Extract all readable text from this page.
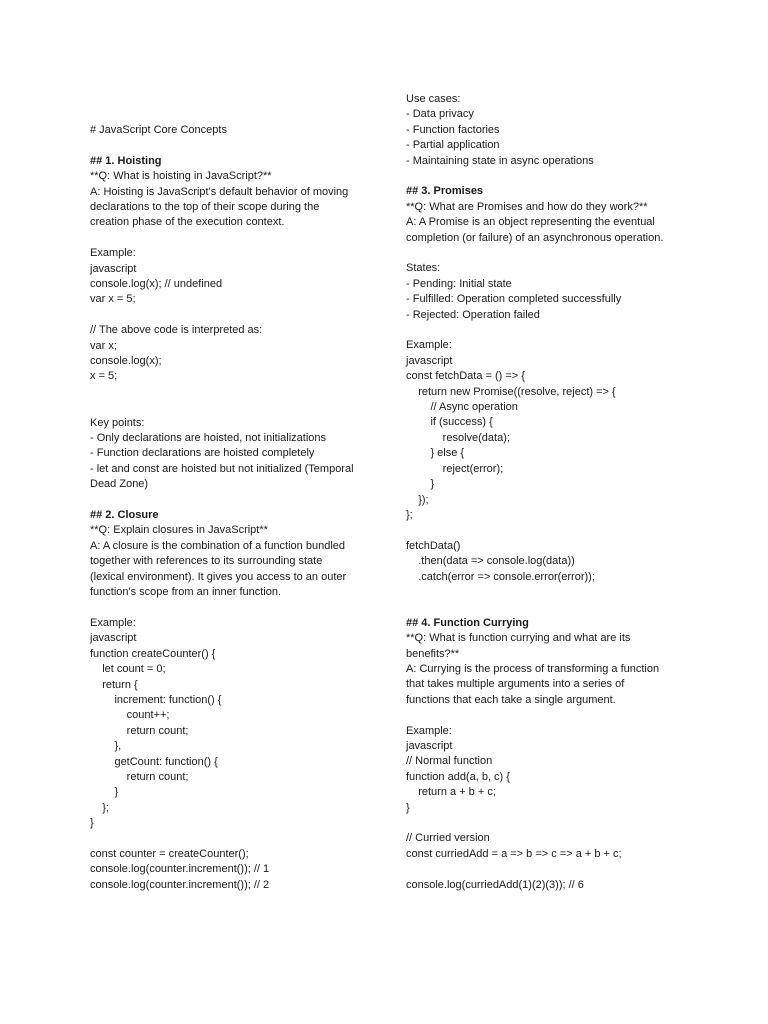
# JavaScript Core Concepts
## 1. Hoisting
**Q: What is hoisting in JavaScript?**
A: Hoisting is JavaScript's default behavior of moving
declarations to the top of their scope during the
creation phase of the execution context.
Example:
javascript
console.log(x); // undefined
var x = 5;
// The above code is interpreted as:
var x;
console.log(x);
x = 5;
Key points:
- Only declarations are hoisted, not initializations
- Function declarations are hoisted completely
- let and const are hoisted but not initialized (Temporal
Dead Zone)
## 2. Closure
**Q: Explain closures in JavaScript**
A: A closure is the combination of a function bundled
together with references to its surrounding state
(lexical environment). It gives you access to an outer
function's scope from an inner function.
Example:
javascript
function createCounter() {
let count = 0;
return {
increment: function() {
count++;
return count;
},
getCount: function() {
return count;
}
};
}
const counter = createCounter();
console.log(counter.increment()); // 1
console.log(counter.increment()); // 2
Use cases:
- Data privacy
- Function factories
- Partial application
- Maintaining state in async operations
## 3. Promises
**Q: What are Promises and how do they work?**
A: A Promise is an object representing the eventual
completion (or failure) of an asynchronous operation.
States:
- Pending: Initial state
- Fulfilled: Operation completed successfully
- Rejected: Operation failed
Example:
javascript
const fetchData = () => {
return new Promise((resolve, reject) => {
// Async operation
if (success) {
resolve(data);
} else {
reject(error);
}
});
};
fetchData()
.then(data => console.log(data))
.catch(error => console.error(error));
## 4. Function Currying
**Q: What is function currying and what are its
benefits?**
A: Currying is the process of transforming a function
that takes multiple arguments into a series of
functions that each take a single argument.
Example:
javascript
// Normal function
function add(a, b, c) {
return a + b + c;
}
// Curried version
const curriedAdd = a => b => c => a + b + c;
console.log(curriedAdd(1)(2)(3)); // 6
